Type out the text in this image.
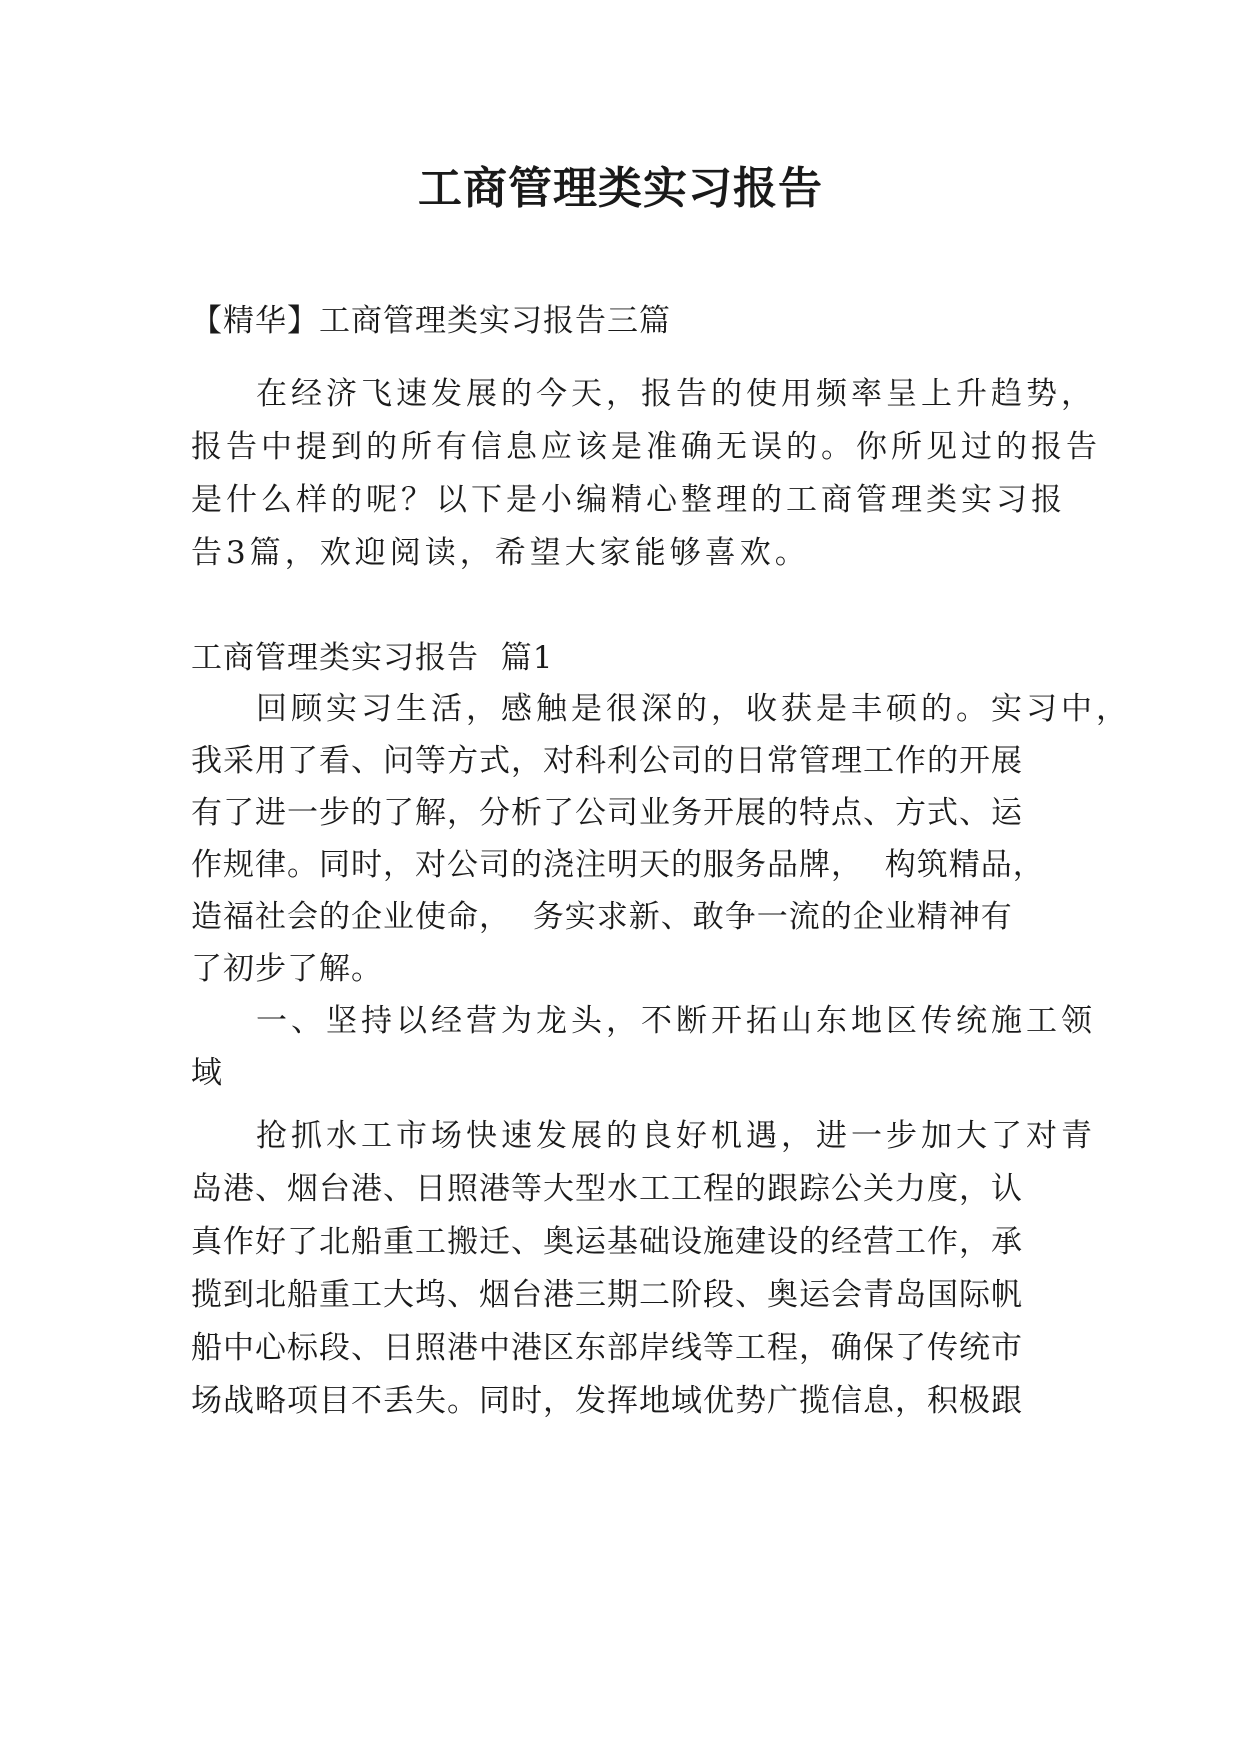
工商管理类实习报告
【精华】工商管理类实习报告三篇
在经济飞速发展的今天，报告的使用频率呈上升趋势，
报告中提到的所有信息应该是准确无误的。你所见过的报告
是什么样的呢？以下是小编精心整理的工商管理类实习报
告3篇，欢迎阅读，希望大家能够喜欢。
工商管理类实习报告  篇1
回顾实习生活，感触是很深的，收获是丰硕的。实习中，
我采用了看、问等方式，对科利公司的日常管理工作的开展
有了进一步的了解，分析了公司业务开展的特点、方式、运
作规律。同时，对公司的浇注明天的服务品牌，  构筑精品，
造福社会的企业使命，  务实求新、敢争一流的企业精神有
了初步了解。
一、坚持以经营为龙头，不断开拓山东地区传统施工领
域
抢抓水工市场快速发展的良好机遇，进一步加大了对青
岛港、烟台港、日照港等大型水工工程的跟踪公关力度，认
真作好了北船重工搬迁、奥运基础设施建设的经营工作，承
揽到北船重工大坞、烟台港三期二阶段、奥运会青岛国际帆
船中心标段、日照港中港区东部岸线等工程，确保了传统市
场战略项目不丢失。同时，发挥地域优势广揽信息，积极跟
